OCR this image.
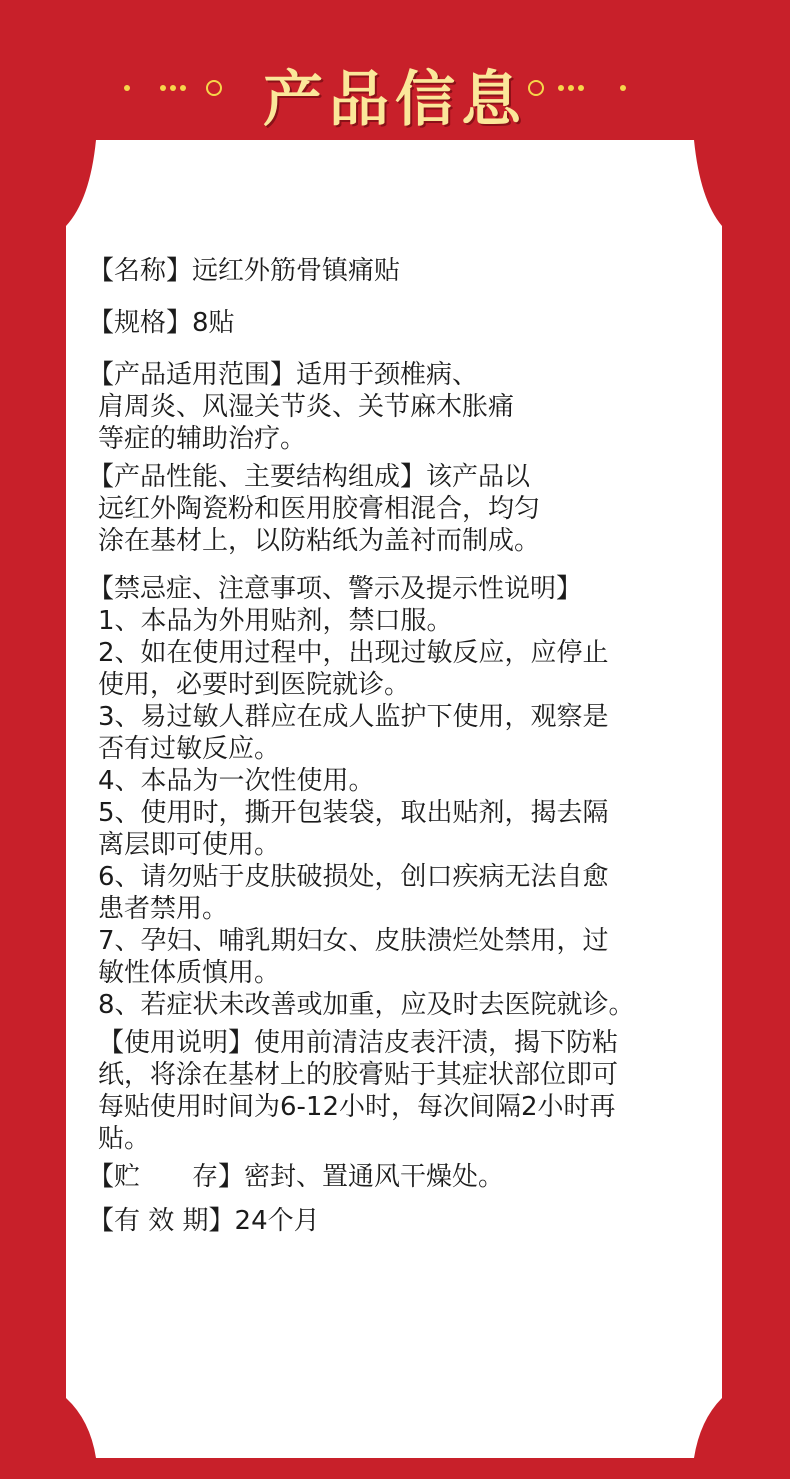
产品信息
【名称】远红外筋骨镇痛贴
【规格】8贴
【产品适用范围】适用于颈椎病、
肩周炎、风湿关节炎、关节麻木胀痛
等症的辅助治疗。
【产品性能、主要结构组成】该产品以
远红外陶瓷粉和医用胶膏相混合，均匀
涂在基材上，以防粘纸为盖衬而制成。
【禁忌症、注意事项、警示及提示性说明】
1、本品为外用贴剂，禁口服。
2、如在使用过程中，出现过敏反应，应停止
使用，必要时到医院就诊。
3、易过敏人群应在成人监护下使用，观察是
否有过敏反应。
4、本品为一次性使用。
5、使用时，撕开包装袋，取出贴剂，揭去隔
离层即可使用。
6、请勿贴于皮肤破损处，创口疾病无法自愈
患者禁用。
7、孕妇、哺乳期妇女、皮肤溃烂处禁用，过
敏性体质慎用。
8、若症状未改善或加重，应及时去医院就诊。
【使用说明】使用前清洁皮表汗渍，揭下防粘
纸，将涂在基材上的胶膏贴于其症状部位即可
每贴使用时间为6-12小时，每次间隔2小时再
贴。
【贮　　存】密封、置通风干燥处。
【有 效 期】24个月
